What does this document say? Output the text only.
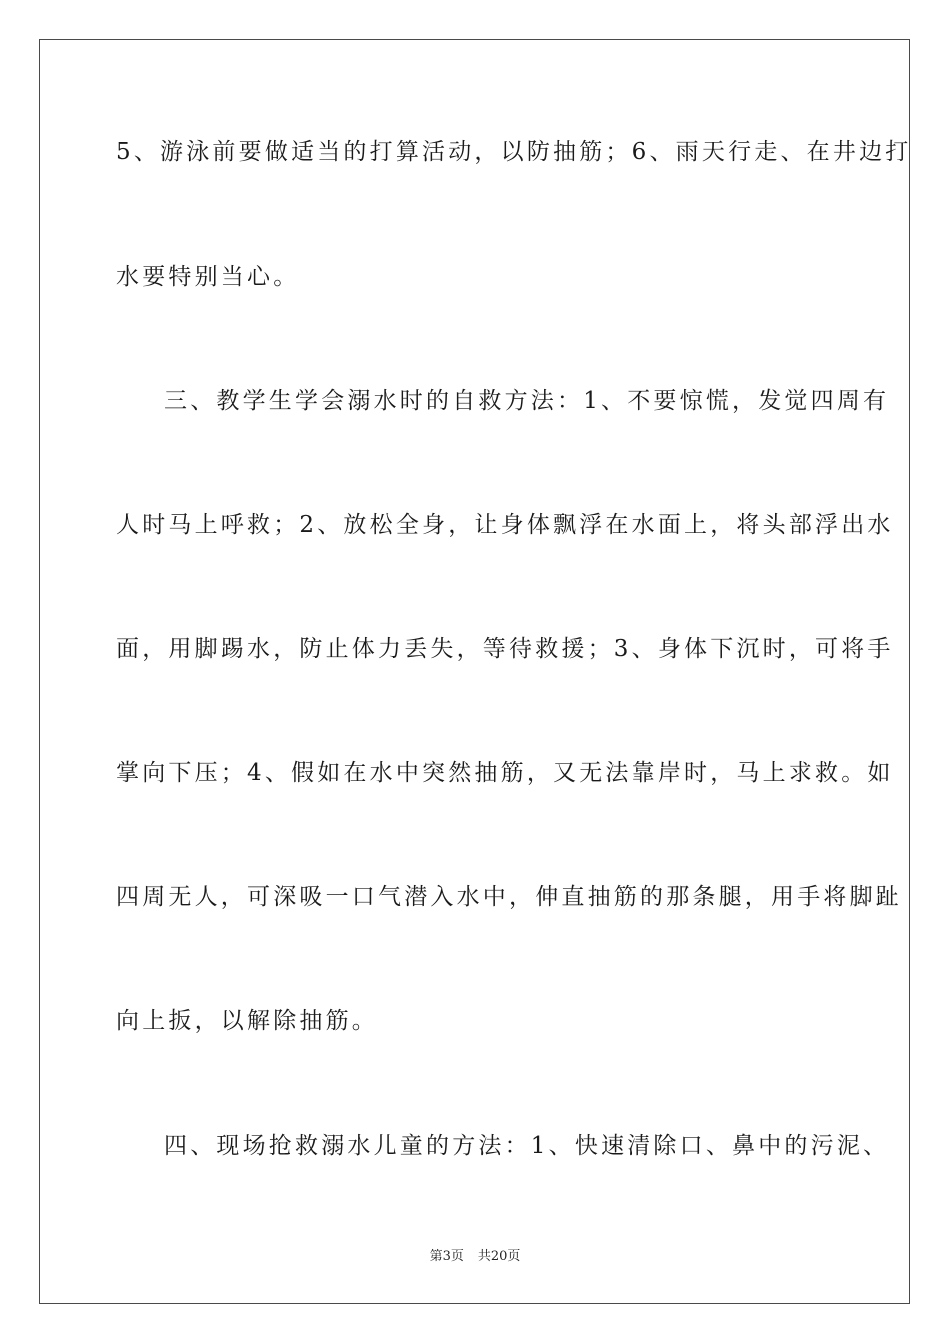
5、游泳前要做适当的打算活动，以防抽筋；6、雨天行走、在井边打
水要特别当心。
三、教学生学会溺水时的自救方法：1、不要惊慌，发觉四周有
人时马上呼救；2、放松全身，让身体飘浮在水面上，将头部浮出水
面，用脚踢水，防止体力丢失，等待救援；3、身体下沉时，可将手
掌向下压；4、假如在水中突然抽筋，又无法靠岸时，马上求救。如
四周无人，可深吸一口气潜入水中，伸直抽筋的那条腿，用手将脚趾
向上扳，以解除抽筋。
四、现场抢救溺水儿童的方法：1、快速清除口、鼻中的污泥、
第3页 共20页
